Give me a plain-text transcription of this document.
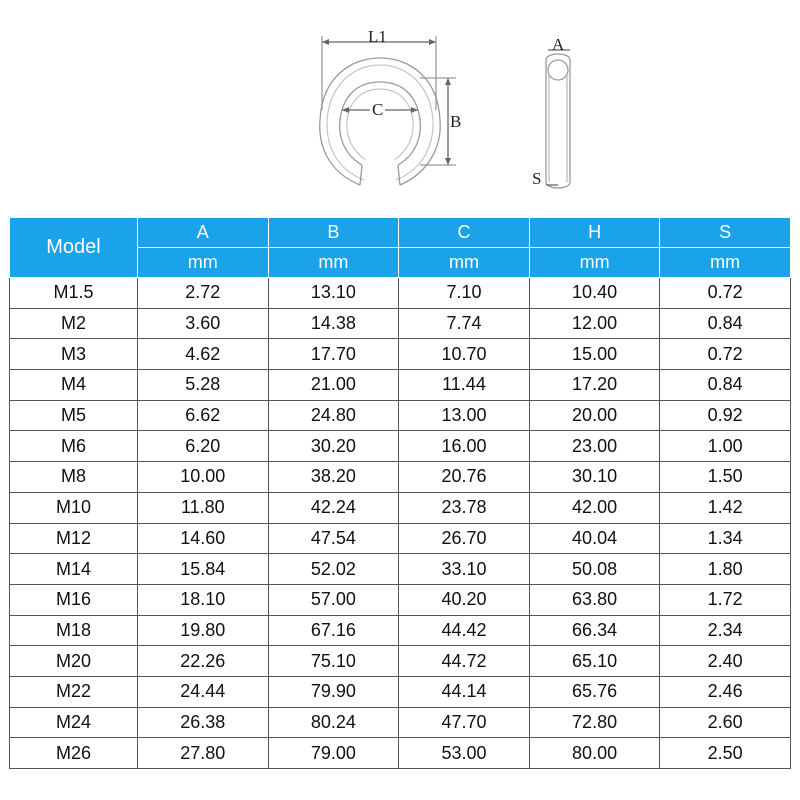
L1
C
B
A
S
Model	A	B	C	H	S
	mm	mm	mm	mm	mm
M1.5	2.72	13.10	7.10	10.40	0.72
M2	3.60	14.38	7.74	12.00	0.84
M3	4.62	17.70	10.70	15.00	0.72
M4	5.28	21.00	11.44	17.20	0.84
M5	6.62	24.80	13.00	20.00	0.92
M6	6.20	30.20	16.00	23.00	1.00
M8	10.00	38.20	20.76	30.10	1.50
M10	11.80	42.24	23.78	42.00	1.42
M12	14.60	47.54	26.70	40.04	1.34
M14	15.84	52.02	33.10	50.08	1.80
M16	18.10	57.00	40.20	63.80	1.72
M18	19.80	67.16	44.42	66.34	2.34
M20	22.26	75.10	44.72	65.10	2.40
M22	24.44	79.90	44.14	65.76	2.46
M24	26.38	80.24	47.70	72.80	2.60
M26	27.80	79.00	53.00	80.00	2.50
